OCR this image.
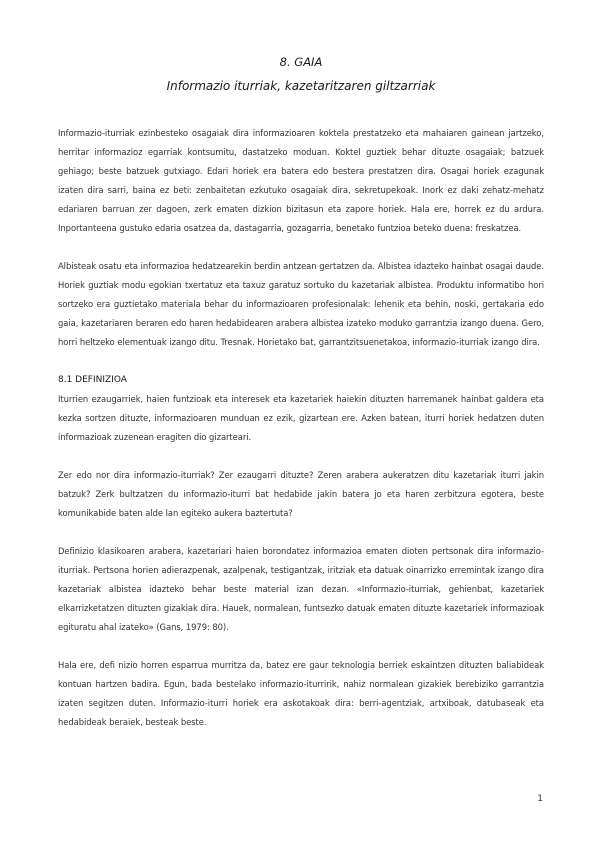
8. GAIA
Informazio iturriak, kazetaritzaren giltzarriak

Informazio-iturriak ezinbesteko osagaiak dira informazioaren koktela prestatzeko eta mahaiaren gainean jartzeko, herritar informazioz egarriak kontsumitu, dastatzeko moduan. Koktel guztiek behar dituzte osagaiak; batzuek gehiago; beste batzuek gutxiago. Edari horiek era batera edo bestera prestatzen dira. Osagai horiek ezagunak izaten dira sarri, baina ez beti: zenbaitetan ezkutuko osagaiak dira, sekretupekoak. Inork ez daki zehatz-mehatz edariaren barruan zer dagoen, zerk ematen dizkion bizitasun eta zapore horiek. Hala ere, horrek ez du ardura. Inportanteena gustuko edaria osatzea da, dastagarria, gozagarria, benetako funtzioa beteko duena: freskatzea.

Albisteak osatu eta informazioa hedatzearekin berdin antzean gertatzen da. Albistea idazteko hainbat osagai daude. Horiek guztiak modu egokian txertatuz eta taxuz garatuz sortuko du kazetariak albistea. Produktu informatibo hori sortzeko era guztietako materiala behar du informazioaren profesionalak: lehenik eta behin, noski, gertakaria edo gaia, kazetariaren beraren edo haren hedabidearen arabera albistea izateko moduko garrantzia izango duena. Gero, horri heltzeko elementuak izango ditu. Tresnak. Horietako bat, garrantzitsuenetakoa, informazio-iturriak izango dira.

8.1 DEFINIZIOA

Iturrien ezaugarriek, haien funtzioak eta interesek eta kazetariek haiekin dituzten harremanek hainbat galdera eta kezka sortzen dituzte, informazioaren munduan ez ezik, gizartean ere. Azken batean, iturri horiek hedatzen duten informazioak zuzenean eragiten dio gizarteari.

Zer edo nor dira informazio-iturriak? Zer ezaugarri dituzte? Zeren arabera aukeratzen ditu kazetariak iturri jakin batzuk? Zerk bultzatzen du informazio-iturri bat hedabide jakin batera jo eta haren zerbitzura egotera, beste komunikabide baten alde lan egiteko aukera baztertuta?

Definizio klasikoaren arabera, kazetariari haien borondatez informazioa ematen dioten pertsonak dira informazio-iturriak. Pertsona horien adierazpenak, azalpenak, testigantzak, iritziak eta datuak oinarrizko erremintak izango dira kazetariak albistea idazteko behar beste material izan dezan. «Informazio-iturriak, gehienbat, kazetariek elkarrizketatzen dituzten gizakiak dira. Hauek, normalean, funtsezko datuak ematen dituzte kazetariek informazioak egituratu ahal izateko» (Gans, 1979: 80).

Hala ere, defi nizio horren esparrua murritza da, batez ere gaur teknologia berriek eskaintzen dituzten baliabideak kontuan hartzen badira. Egun, bada bestelako informazio-iturririk, nahiz normalean gizakiek berebiziko garrantzia izaten segitzen duten. Informazio-iturri horiek era askotakoak dira: berri-agentziak, artxiboak, datubaseak eta hedabideak beraiek, besteak beste.

1
